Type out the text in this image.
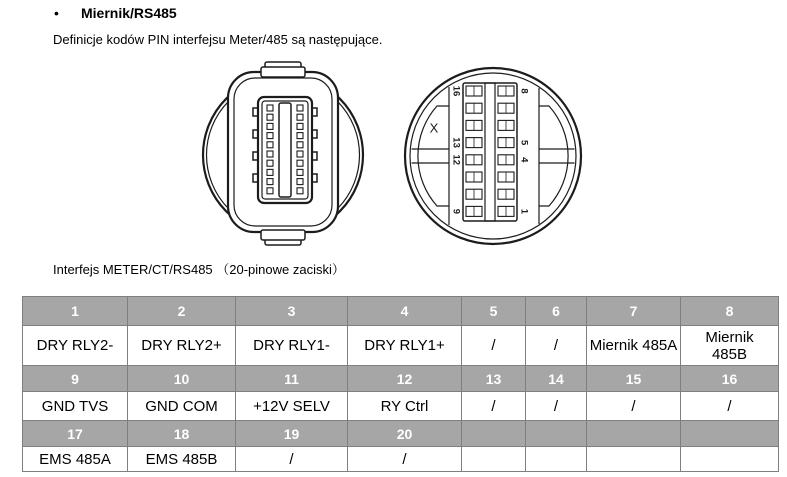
• Miernik/RS485
Definicje kodów PIN interfejsu Meter/485 są następujące.
X
16
13
12
9
8
5
4
1
Interfejs METER/CT/RS485 （20-pinowe zaciski）
1	2	3	4	5	6	7	8
DRY RLY2-	DRY RLY2+	DRY RLY1-	DRY RLY1+	/	/	Miernik 485A	Miernik 485B
9	10	11	12	13	14	15	16
GND TVS	GND COM	+12V SELV	RY Ctrl	/	/	/	/
17	18	19	20				
EMS 485A	EMS 485B	/	/				
